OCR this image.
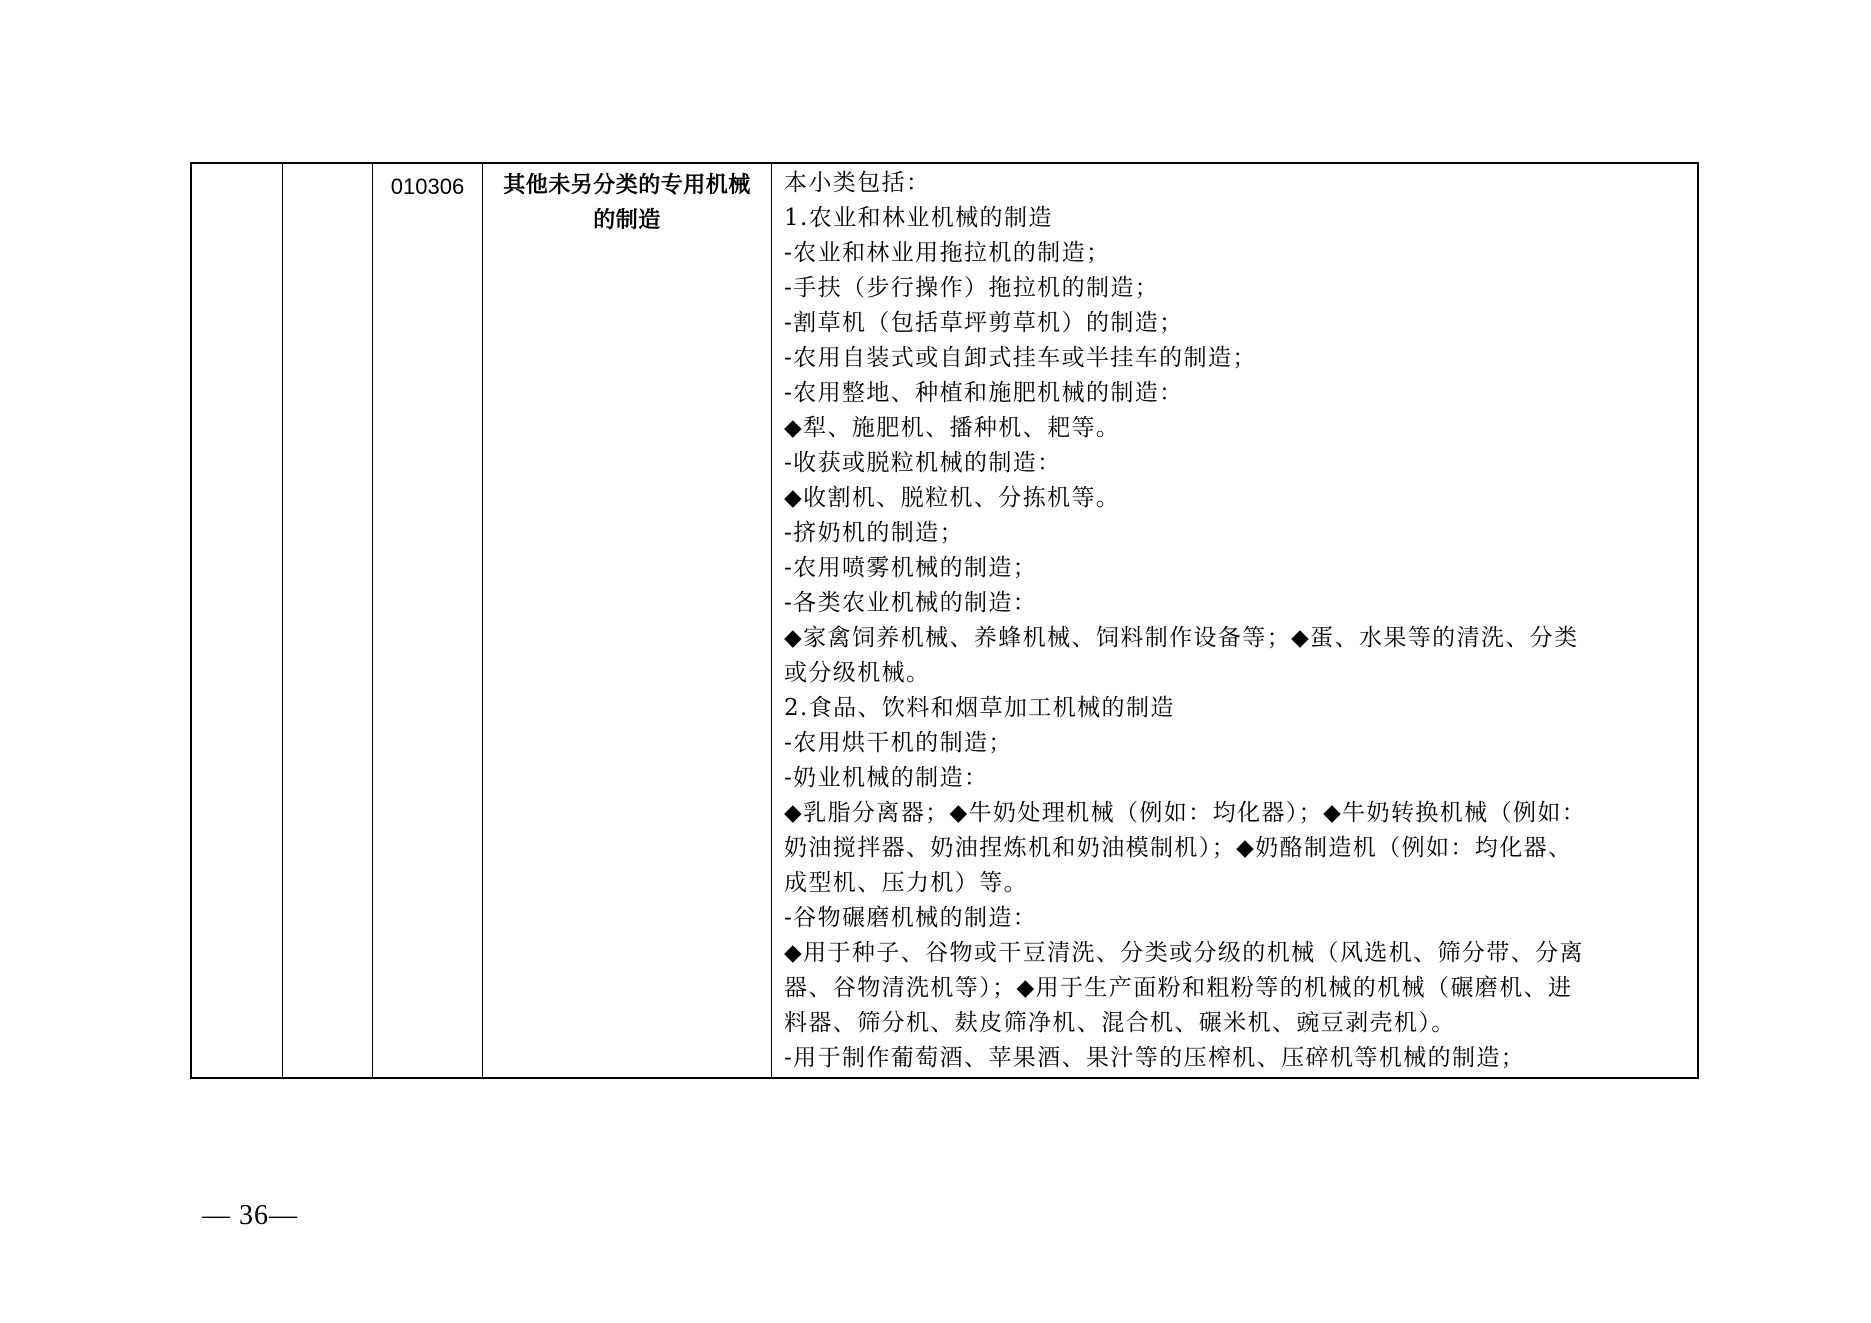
010306	其他未另分类的专用机械的制造
本小类包括：
1.农业和林业机械的制造
-农业和林业用拖拉机的制造；
-手扶（步行操作）拖拉机的制造；
-割草机（包括草坪剪草机）的制造；
-农用自装式或自卸式挂车或半挂车的制造；
-农用整地、种植和施肥机械的制造：
◆犁、施肥机、播种机、耙等。
-收获或脱粒机械的制造：
◆收割机、脱粒机、分拣机等。
-挤奶机的制造；
-农用喷雾机械的制造；
-各类农业机械的制造：
◆家禽饲养机械、养蜂机械、饲料制作设备等；◆蛋、水果等的清洗、分类
或分级机械。
2.食品、饮料和烟草加工机械的制造
-农用烘干机的制造；
-奶业机械的制造：
◆乳脂分离器；◆牛奶处理机械（例如：均化器）；◆牛奶转换机械（例如：
奶油搅拌器、奶油捏炼机和奶油模制机）；◆奶酪制造机（例如：均化器、
成型机、压力机）等。
-谷物碾磨机械的制造：
◆用于种子、谷物或干豆清洗、分类或分级的机械（风选机、筛分带、分离
器、谷物清洗机等）；◆用于生产面粉和粗粉等的机械的机械（碾磨机、进
料器、筛分机、麸皮筛净机、混合机、碾米机、豌豆剥壳机）。
-用于制作葡萄酒、苹果酒、果汁等的压榨机、压碎机等机械的制造；
— 36—
